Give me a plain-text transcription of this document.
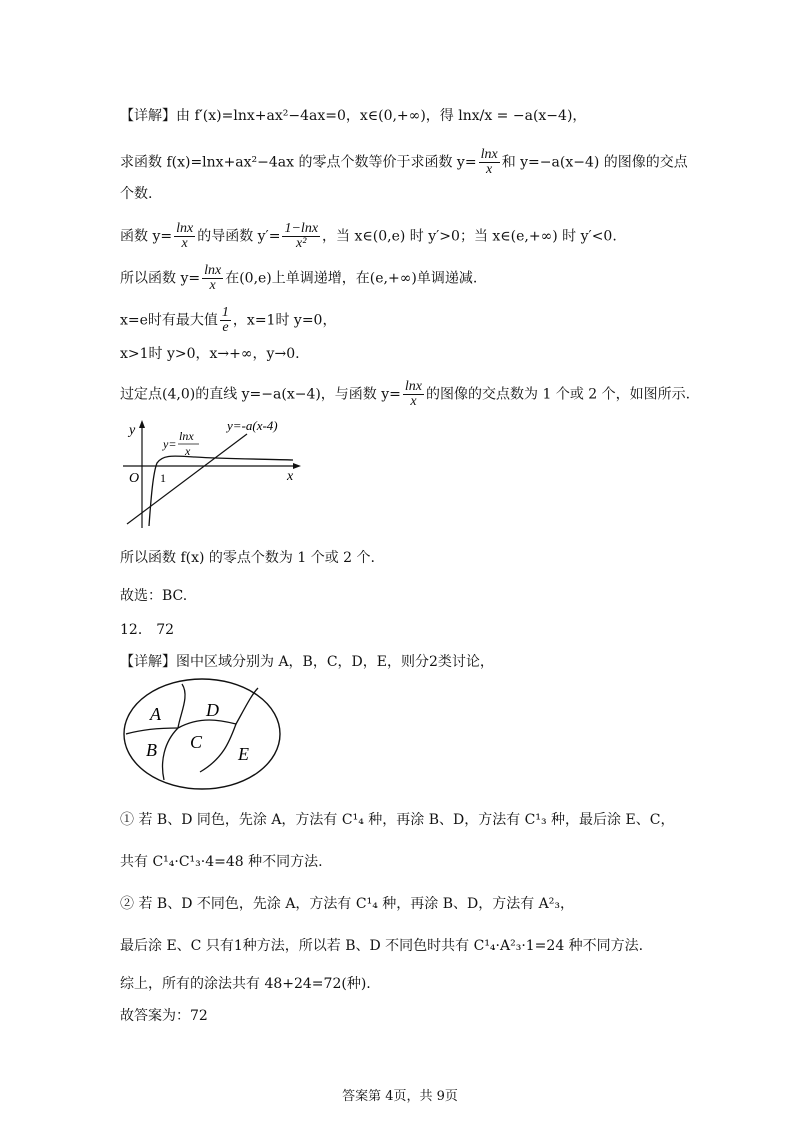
【详解】由 f′(x)=lnx+ax²−4ax=0，x∈(0,+∞)，得 lnx/x = −a(x−4)，
求函数 f(x)=lnx+ax²−4ax 的零点个数等价于求函数 $y= \frac{\ln x}{x}$ 和 y=−a(x−4) 的图像的交点
个数.
函数 $y= \frac{\ln x}{x}$ 的导函数 $y'= \frac{1-\ln x}{\text{x²}}$ ，当 x∈(0,e) 时 y′>0；当 x∈(e,+∞) 时 y′<0.
所以函数 $y= \frac{\ln x}{x}$ 在(0,e)上单调递增，在(e,+∞)单调递减.
x=e时有最大值 $\frac{1}{e}$ ，x=1时 y=0，
x>1时 y>0，x→+∞，y→0.
过定点(4,0)的直线 y=−a(x−4)，与函数 $y= \frac{\ln x}{x}$ 的图像的交点数为 1 个或 2 个，如图所示.
y
x
O 1
y=
lnx
x
y=-a(x-4)
所以函数 f(x) 的零点个数为 1 个或 2 个.
故选：BC.
12． 72
【详解】图中区域分别为 A，B，C，D，E，则分2类讨论，
A	D
B C
E
① 若 B、D 同色，先涂 A，方法有 C¹₄ 种，再涂 B、D，方法有 C¹₃ 种，最后涂 E、C，
共有 C¹₄·C¹₃·4=48 种不同方法.
② 若 B、D 不同色，先涂 A，方法有 C¹₄ 种，再涂 B、D，方法有 A²₃，
最后涂 E、C 只有1种方法，所以若 B、D 不同色时共有 C¹₄·A²₃·1=24 种不同方法.
综上，所有的涂法共有 48+24=72(种).
故答案为：72
答案第 4页，共 9页
